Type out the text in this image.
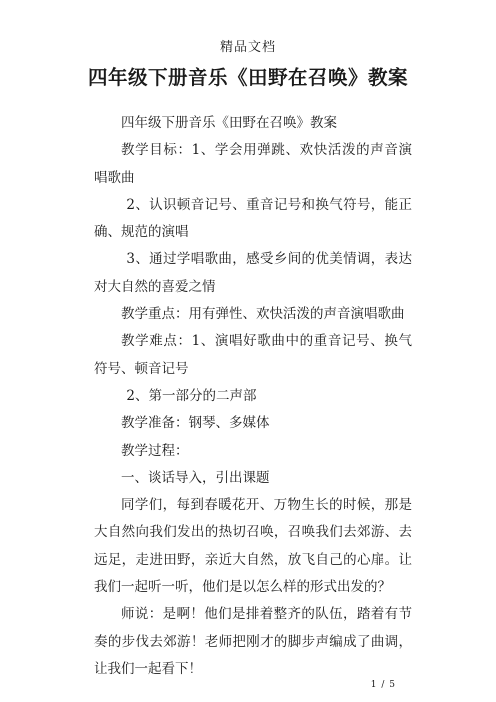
精品文档
四年级下册音乐《田野在召唤》教案

四年级下册音乐《田野在召唤》教案

教学目标：1、学会用弹跳、欢快活泼的声音演唱歌曲

2、认识顿音记号、重音记号和换气符号，能正确、规范的演唱

3、通过学唱歌曲，感受乡间的优美情调，表达对大自然的喜爱之情

教学重点：用有弹性、欢快活泼的声音演唱歌曲

教学难点：1、演唱好歌曲中的重音记号、换气符号、顿音记号

2、第一部分的二声部

教学准备：钢琴、多媒体

教学过程：

一、谈话导入，引出课题

同学们，每到春暖花开、万物生长的时候，那是大自然向我们发出的热切召唤，召唤我们去郊游、去远足，走进田野，亲近大自然，放飞自己的心扉。让我们一起听一听，他们是以怎么样的形式出发的？

师说：是啊！他们是排着整齐的队伍，踏着有节奏的步伐去郊游！老师把刚才的脚步声编成了曲调，让我们一起看下！

1 / 5
